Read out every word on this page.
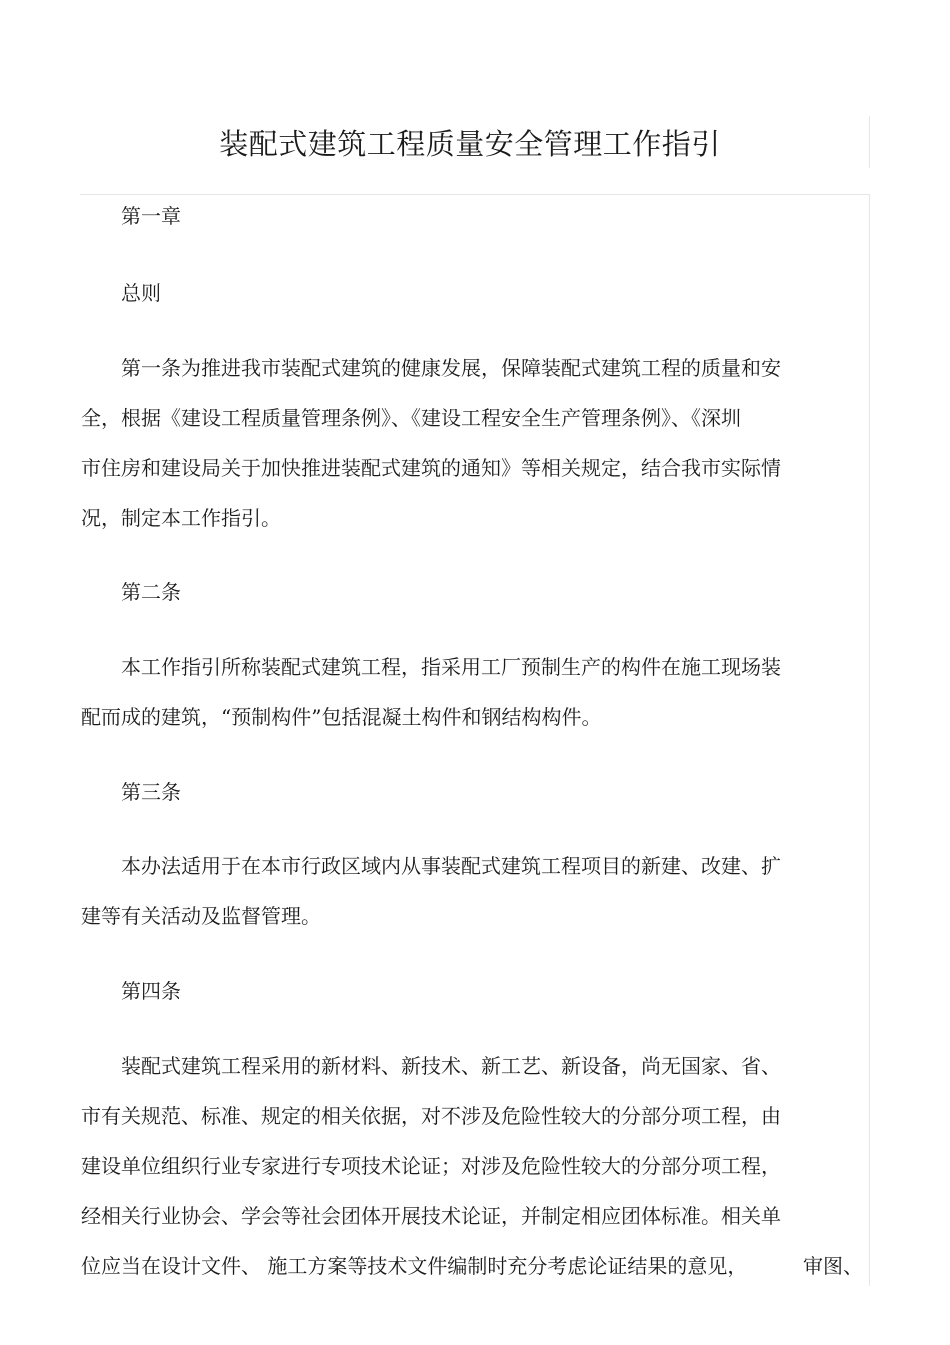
装配式建筑工程质量安全管理工作指引
第一章
总则
第一条为推进我市装配式建筑的健康发展，保障装配式建筑工程的质量和安
全，根据《建设工程质量管理条例》、《建设工程安全生产管理条例》、《深圳
市住房和建设局关于加快推进装配式建筑的通知》等相关规定，结合我市实际情
况，制定本工作指引。
第二条
本工作指引所称装配式建筑工程，指采用工厂预制生产的构件在施工现场装
配而成的建筑，“预制构件”包括混凝土构件和钢结构构件。
第三条
本办法适用于在本市行政区域内从事装配式建筑工程项目的新建、改建、扩
建等有关活动及监督管理。
第四条
装配式建筑工程采用的新材料、新技术、新工艺、新设备，尚无国家、省、
市有关规范、标准、规定的相关依据，对不涉及危险性较大的分部分项工程，由
建设单位组织行业专家进行专项技术论证；对涉及危险性较大的分部分项工程，
经相关行业协会、学会等社会团体开展技术论证，并制定相应团体标准。相关单
位应当在设计文件、 施工方案等技术文件编制时充分考虑论证结果的意见，	审图、
